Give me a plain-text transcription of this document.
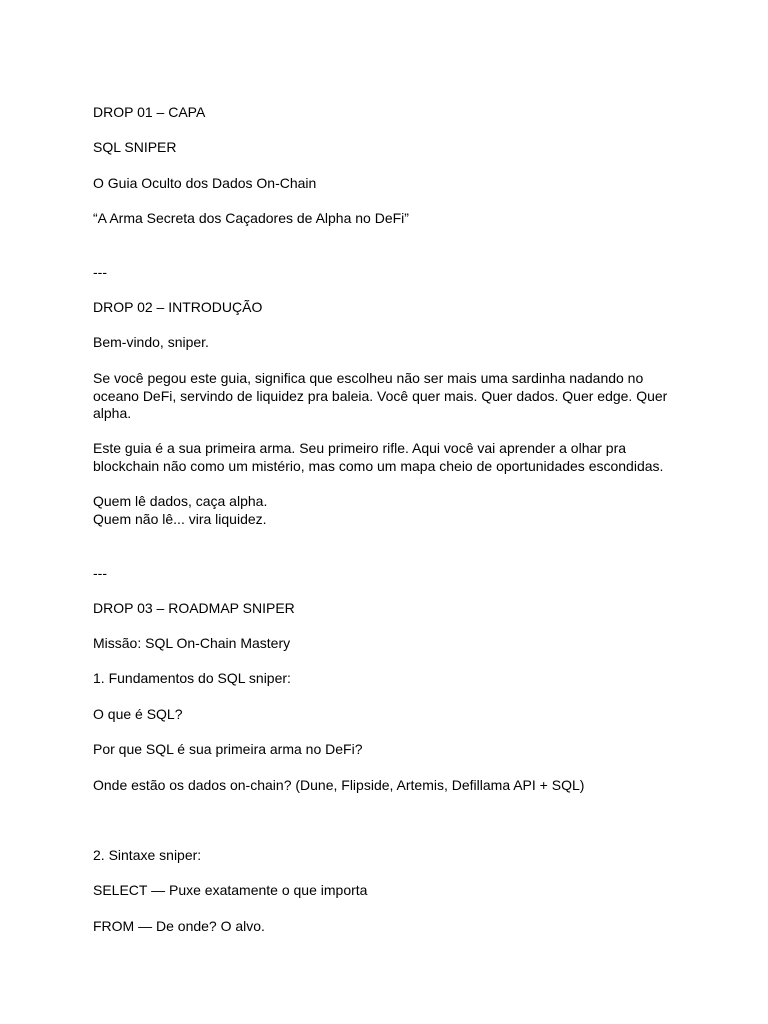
DROP 01 – CAPA

SQL SNIPER

O Guia Oculto dos Dados On-Chain

“A Arma Secreta dos Caçadores de Alpha no DeFi”

---

DROP 02 – INTRODUÇÃO

Bem-vindo, sniper.

Se você pegou este guia, significa que escolheu não ser mais uma sardinha nadando no

oceano DeFi, servindo de liquidez pra baleia. Você quer mais. Quer dados. Quer edge. Quer

alpha.

Este guia é a sua primeira arma. Seu primeiro rifle. Aqui você vai aprender a olhar pra

blockchain não como um mistério, mas como um mapa cheio de oportunidades escondidas.

Quem lê dados, caça alpha.

Quem não lê... vira liquidez.

---

DROP 03 – ROADMAP SNIPER

Missão: SQL On-Chain Mastery

1. Fundamentos do SQL sniper:

O que é SQL?

Por que SQL é sua primeira arma no DeFi?

Onde estão os dados on-chain? (Dune, Flipside, Artemis, Defillama API + SQL)

2. Sintaxe sniper:

SELECT — Puxe exatamente o que importa

FROM — De onde? O alvo.
